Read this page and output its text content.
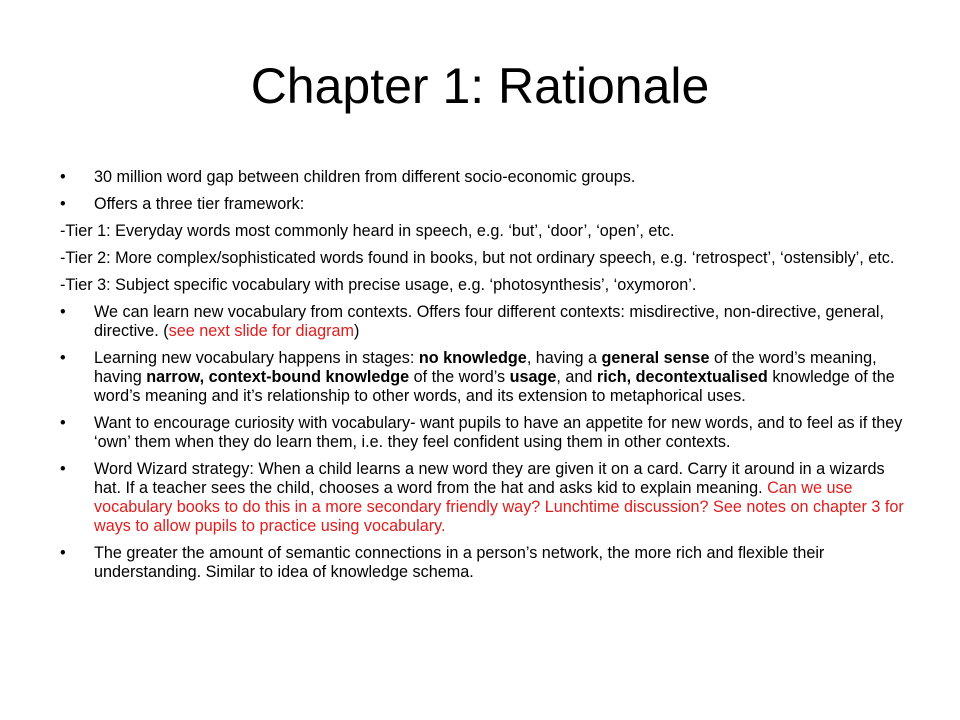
Chapter 1: Rationale

• 30 million word gap between children from different socio-economic groups.

• Offers a three tier framework:

-Tier 1: Everyday words most commonly heard in speech, e.g. ‘but’, ‘door’, ‘open’, etc.

-Tier 2: More complex/sophisticated words found in books, but not ordinary speech, e.g. ‘retrospect’, ‘ostensibly’, etc.

-Tier 3: Subject specific vocabulary with precise usage, e.g. ‘photosynthesis’, ‘oxymoron’.

• We can learn new vocabulary from contexts. Offers four different contexts: misdirective, non-directive, general, directive. (see next slide for diagram)

• Learning new vocabulary happens in stages: no knowledge, having a general sense of the word’s meaning, having narrow, context-bound knowledge of the word’s usage, and rich, decontextualised knowledge of the word’s meaning and it’s relationship to other words, and its extension to metaphorical uses.

• Want to encourage curiosity with vocabulary- want pupils to have an appetite for new words, and to feel as if they ‘own’ them when they do learn them, i.e. they feel confident using them in other contexts.

• Word Wizard strategy: When a child learns a new word they are given it on a card. Carry it around in a wizards hat. If a teacher sees the child, chooses a word from the hat and asks kid to explain meaning. Can we use vocabulary books to do this in a more secondary friendly way? Lunchtime discussion? See notes on chapter 3 for ways to allow pupils to practice using vocabulary.

• The greater the amount of semantic connections in a person’s network, the more rich and flexible their understanding. Similar to idea of knowledge schema.
